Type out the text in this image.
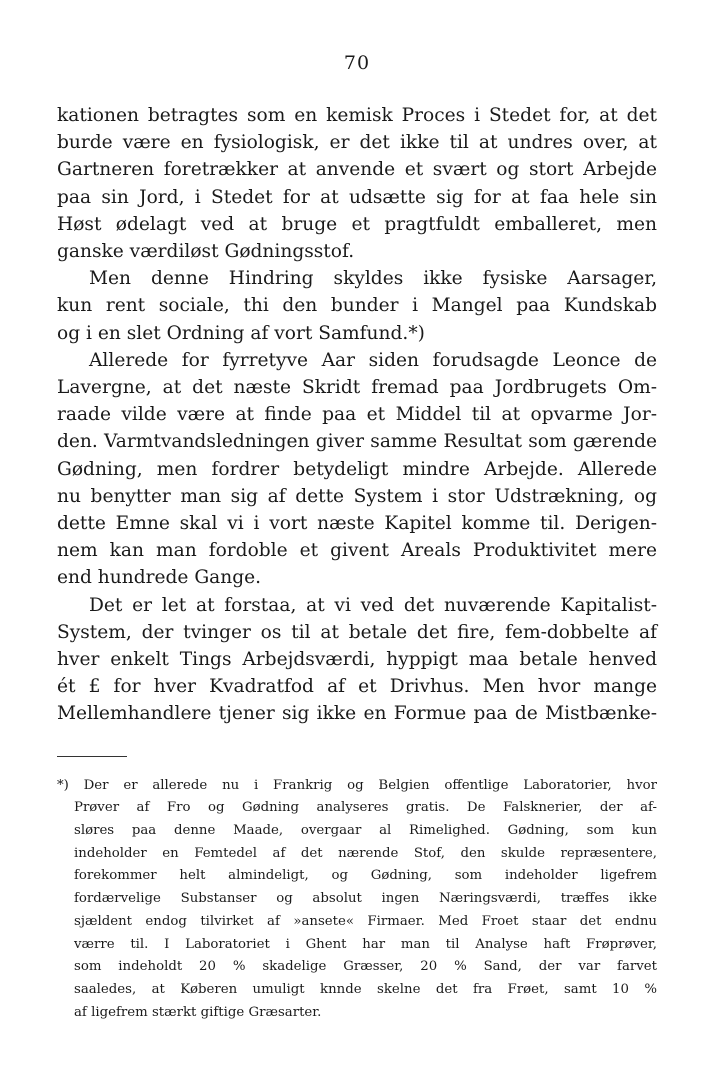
70
kationen betragtes som en kemisk Proces i Stedet for, at det
burde være en fysiologisk, er det ikke til at undres over, at
Gartneren foretrækker at anvende et svært og stort Arbejde
paa sin Jord, i Stedet for at udsætte sig for at faa hele sin
Høst ødelagt ved at bruge et pragtfuldt emballeret, men
ganske værdiløst Gødningsstof.
Men denne Hindring skyldes ikke fysiske Aarsager,
kun rent sociale, thi den bunder i Mangel paa Kundskab
og i en slet Ordning af vort Samfund.*)
Allerede for fyrretyve Aar siden forudsagde Leonce de
Lavergne, at det næste Skridt fremad paa Jordbrugets Om-
raade vilde være at finde paa et Middel til at opvarme Jor-
den. Varmtvandsledningen giver samme Resultat som gærende
Gødning, men fordrer betydeligt mindre Arbejde. Allerede
nu benytter man sig af dette System i stor Udstrækning, og
dette Emne skal vi i vort næste Kapitel komme til. Derigen-
nem kan man fordoble et givent Areals Produktivitet mere
end hundrede Gange.
Det er let at forstaa, at vi ved det nuværende Kapitalist-
System, der tvinger os til at betale det fire, fem-dobbelte af
hver enkelt Tings Arbejdsværdi, hyppigt maa betale henved
ét £ for hver Kvadratfod af et Drivhus. Men hvor mange
Mellemhandlere tjener sig ikke en Formue paa de Mistbænke-
*) Der er allerede nu i Frankrig og Belgien offentlige Laboratorier, hvor
Prøver af Fro og Gødning analyseres gratis. De Falsknerier, der af-
sløres paa denne Maade, overgaar al Rimelighed. Gødning, som kun
indeholder en Femtedel af det nærende Stof, den skulde repræsentere,
forekommer helt almindeligt, og Gødning, som indeholder ligefrem
fordærvelige Substanser og absolut ingen Næringsværdi, træffes ikke
sjældent endog tilvirket af »ansete« Firmaer. Med Froet staar det endnu
værre til. I Laboratoriet i Ghent har man til Analyse haft Frøprøver,
som indeholdt 20 % skadelige Græsser, 20 % Sand, der var farvet
saaledes, at Køberen umuligt knnde skelne det fra Frøet, samt 10 %
af ligefrem stærkt giftige Græsarter.
